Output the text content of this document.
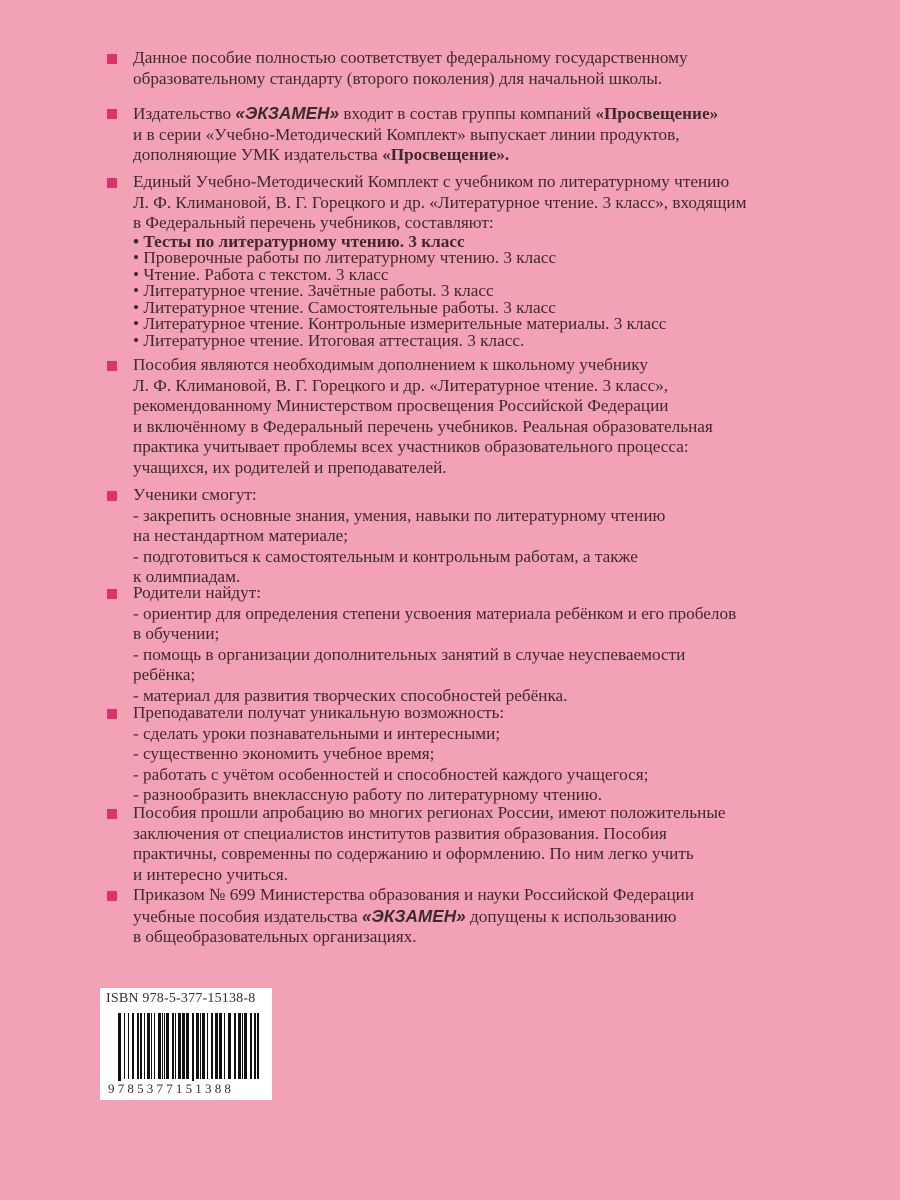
Данное пособие полностью соответствует федеральному государственному
образовательному стандарту (второго поколения) для начальной школы.
Издательство «ЭКЗАМЕН» входит в состав группы компаний «Просвещение»
и в серии «Учебно-Методический Комплект» выпускает линии продуктов,
дополняющие УМК издательства «Просвещение».
Единый Учебно-Методический Комплект с учебником по литературному чтению
Л. Ф. Климановой, В. Г. Горецкого и др. «Литературное чтение. 3 класс», входящим
в Федеральный перечень учебников, составляют:
• Тесты по литературному чтению. 3 класс
• Проверочные работы по литературному чтению. 3 класс
• Чтение. Работа с текстом. 3 класс
• Литературное чтение. Зачётные работы. 3 класс
• Литературное чтение. Самостоятельные работы. 3 класс
• Литературное чтение. Контрольные измерительные материалы. 3 класс
• Литературное чтение. Итоговая аттестация. 3 класс.
Пособия являются необходимым дополнением к школьному учебнику
Л. Ф. Климановой, В. Г. Горецкого и др. «Литературное чтение. 3 класс»,
рекомендованному Министерством просвещения Российской Федерации
и включённому в Федеральный перечень учебников. Реальная образовательная
практика учитывает проблемы всех участников образовательного процесса:
учащихся, их родителей и преподавателей.
Ученики смогут:
- закрепить основные знания, умения, навыки по литературному чтению
на нестандартном материале;
- подготовиться к самостоятельным и контрольным работам, а также
к олимпиадам.
Родители найдут:
- ориентир для определения степени усвоения материала ребёнком и его пробелов
в обучении;
- помощь в организации дополнительных занятий в случае неуспеваемости
ребёнка;
- материал для развития творческих способностей ребёнка.
Преподаватели получат уникальную возможность:
- сделать уроки познавательными и интересными;
- существенно экономить учебное время;
- работать с учётом особенностей и способностей каждого учащегося;
- разнообразить внеклассную работу по литературному чтению.
Пособия прошли апробацию во многих регионах России, имеют положительные
заключения от специалистов институтов развития образования. Пособия
практичны, современны по содержанию и оформлению. По ним легко учить
и интересно учиться.
Приказом № 699 Министерства образования и науки Российской Федерации
учебные пособия издательства «ЭКЗАМЕН» допущены к использованию
в общеобразовательных организациях.
ISBN 978-5-377-15138-8
9785377151388
